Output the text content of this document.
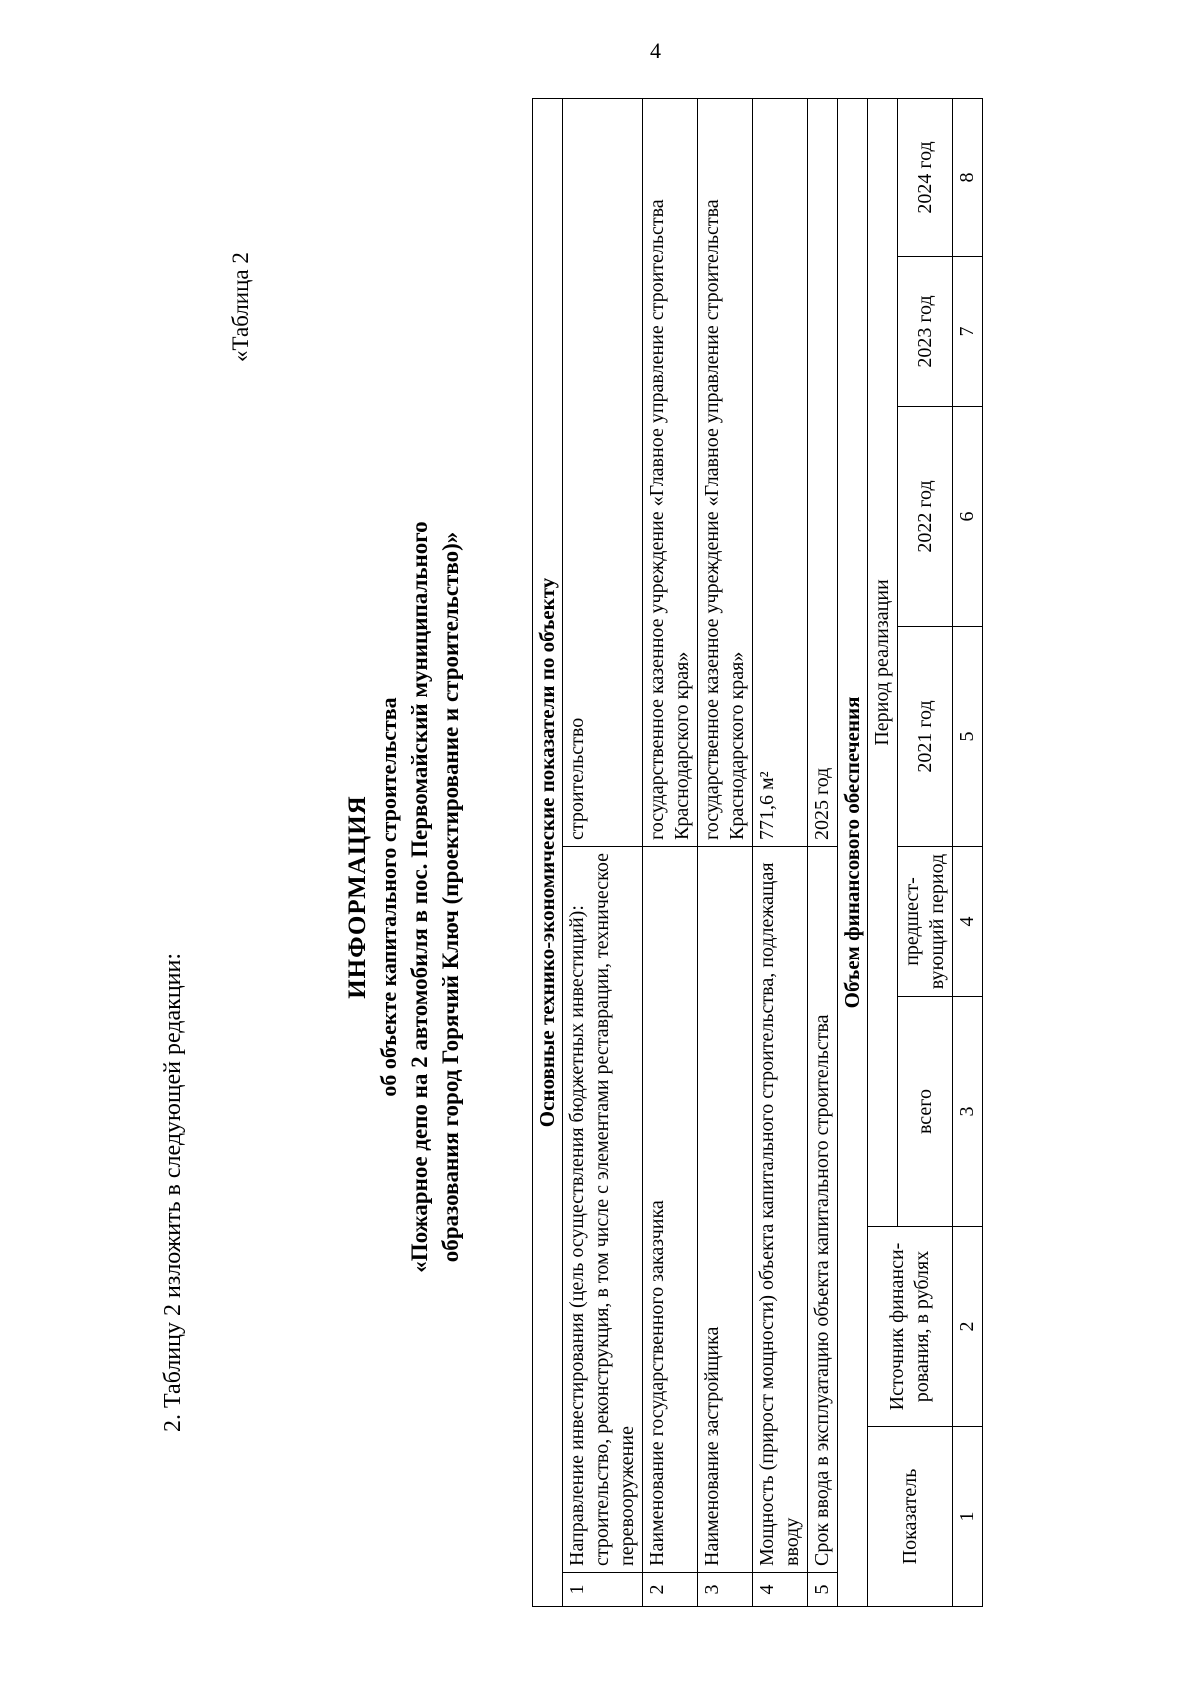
4
2. Таблицу 2 изложить в следующей редакции:
«Таблица 2
ИНФОРМАЦИЯ об объекте капитального строительства «Пожарное депо на 2 автомобиля в пос. Первомайский муниципального образования город Горячий Ключ (проектирование и строительство)»	Основные технико-экономические показатели по объекту								
1	Направление инвестирования (цель осуществления бюджетных инвестиций): строительство, реконструкция, в том числе с элементами реставрации, техническое перевооружение				строительство			
2	Наименование государственного заказчика				государственное казенное учреждение «Главное управление строительства Краснодарского края»			
3	Наименование застройщика				государственное казенное учреждение «Главное управление строительства Краснодарского края»			
4	Мощность (прирост мощности) объекта капитального строительства, подлежащая вводу				771,6 м²			
5	Срок ввода в эксплуатацию объекта капитального строительства				2025 год			
Объем финансового обеспечения								
Показатель		Источник финанси-рования, в рублях	Период реализации					
			всего	предшест-вующий период	2021 год	2022 год	2023 год	2024 год
1		2	3	4	5	6	7	8
